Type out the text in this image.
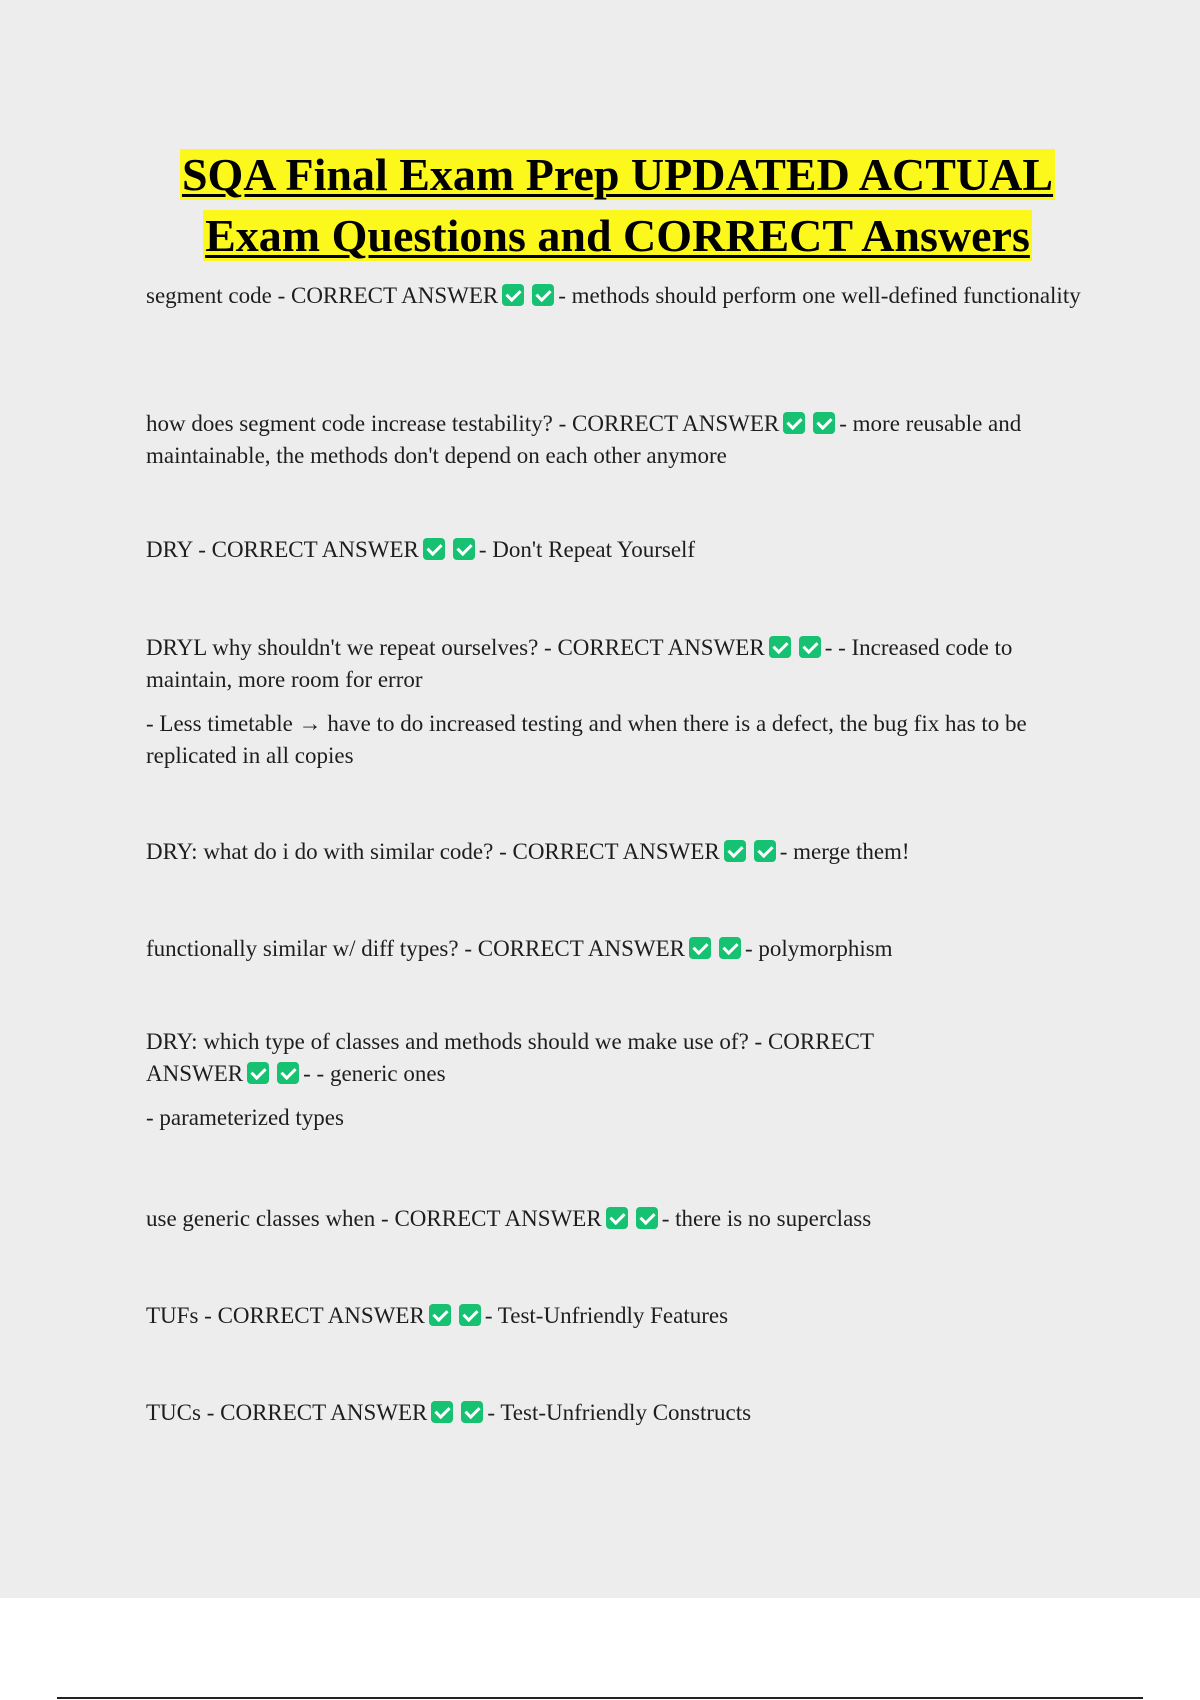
SQA Final Exam Prep UPDATED ACTUAL
Exam Questions and CORRECT Answers

segment code - CORRECT ANSWER	- methods should perform one well-defined functionality

how does segment code increase testability? - CORRECT ANSWER	- more reusable and maintainable, the methods don't depend on each other anymore

DRY - CORRECT ANSWER	- Don't Repeat Yourself

DRYL why shouldn't we repeat ourselves? - CORRECT ANSWER	- - Increased code to maintain, more room for error

- Less timetable → have to do increased testing and when there is a defect, the bug fix has to be replicated in all copies

DRY: what do i do with similar code? - CORRECT ANSWER	- merge them!

functionally similar w/ diff types? - CORRECT ANSWER	- polymorphism

DRY: which type of classes and methods should we make use of? - CORRECT ANSWER	- - generic ones

- parameterized types

use generic classes when - CORRECT ANSWER	- there is no superclass

TUFs - CORRECT ANSWER	- Test-Unfriendly Features

TUCs - CORRECT ANSWER	- Test-Unfriendly Constructs
